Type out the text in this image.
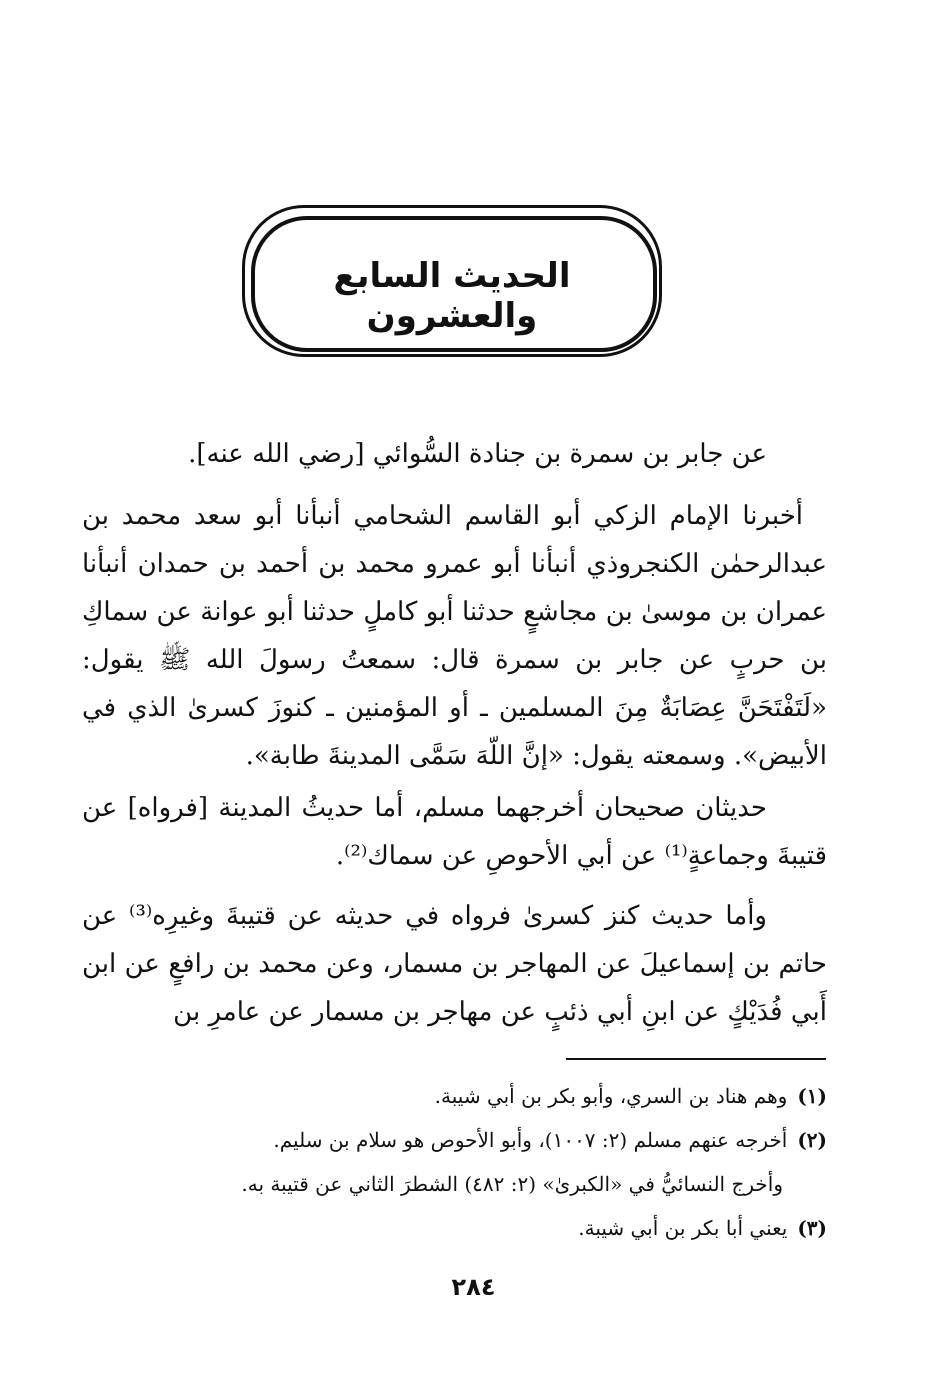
الحديث السابع والعشرون

عن جابر بن سمرة بن جنادة السُّوائي [رضي الله عنه].

أخبرنا الإمام الزكي أبو القاسم الشحامي أنبأنا أبو سعد محمد بن عبدالرحمٰن الكنجروذي أنبأنا أبو عمرو محمد بن أحمد بن حمدان أنبأنا عمران بن موسىٰ بن مجاشعٍ حدثنا أبو كاملٍ حدثنا أبو عوانة عن سماكِ بن حربٍ عن جابر بن سمرة قال: سمعتُ رسولَ الله ﷺ يقول: «لَتَفْتَحَنَّ عِصَابَةٌ مِنَ المسلمين ـ أو المؤمنين ـ كنوزَ كسرىٰ الذي في الأبيض». وسمعته يقول: «إنَّ اللّهَ سَمَّى المدينةَ طابة».

حديثان صحيحان أخرجهما مسلم، أما حديثُ المدينة [فرواه] عن قتيبةَ وجماعةٍ⁽¹⁾ عن أبي الأحوصِ عن سماك⁽²⁾.

وأما حديث كنز كسرىٰ فرواه في حديثه عن قتيبةَ وغيرِه⁽³⁾ عن حاتم بن إسماعيلَ عن المهاجر بن مسمار، وعن محمد بن رافعٍ عن ابن أَبي فُدَيْكٍ عن ابنِ أبي ذئبٍ عن مهاجر بن مسمار عن عامرِ بن

(١)وهم هناد بن السري، وأبو بكر بن أبي شيبة.

(٢)أخرجه عنهم مسلم (٢: ١٠٠٧)، وأبو الأحوص هو سلام بن سليم.

وأخرج النسائيُّ في «الكبرىٰ» (٢: ٤٨٢) الشطرَ الثاني عن قتيبة به.

(٣)يعني أبا بكر بن أبي شيبة.

٢٨٤
